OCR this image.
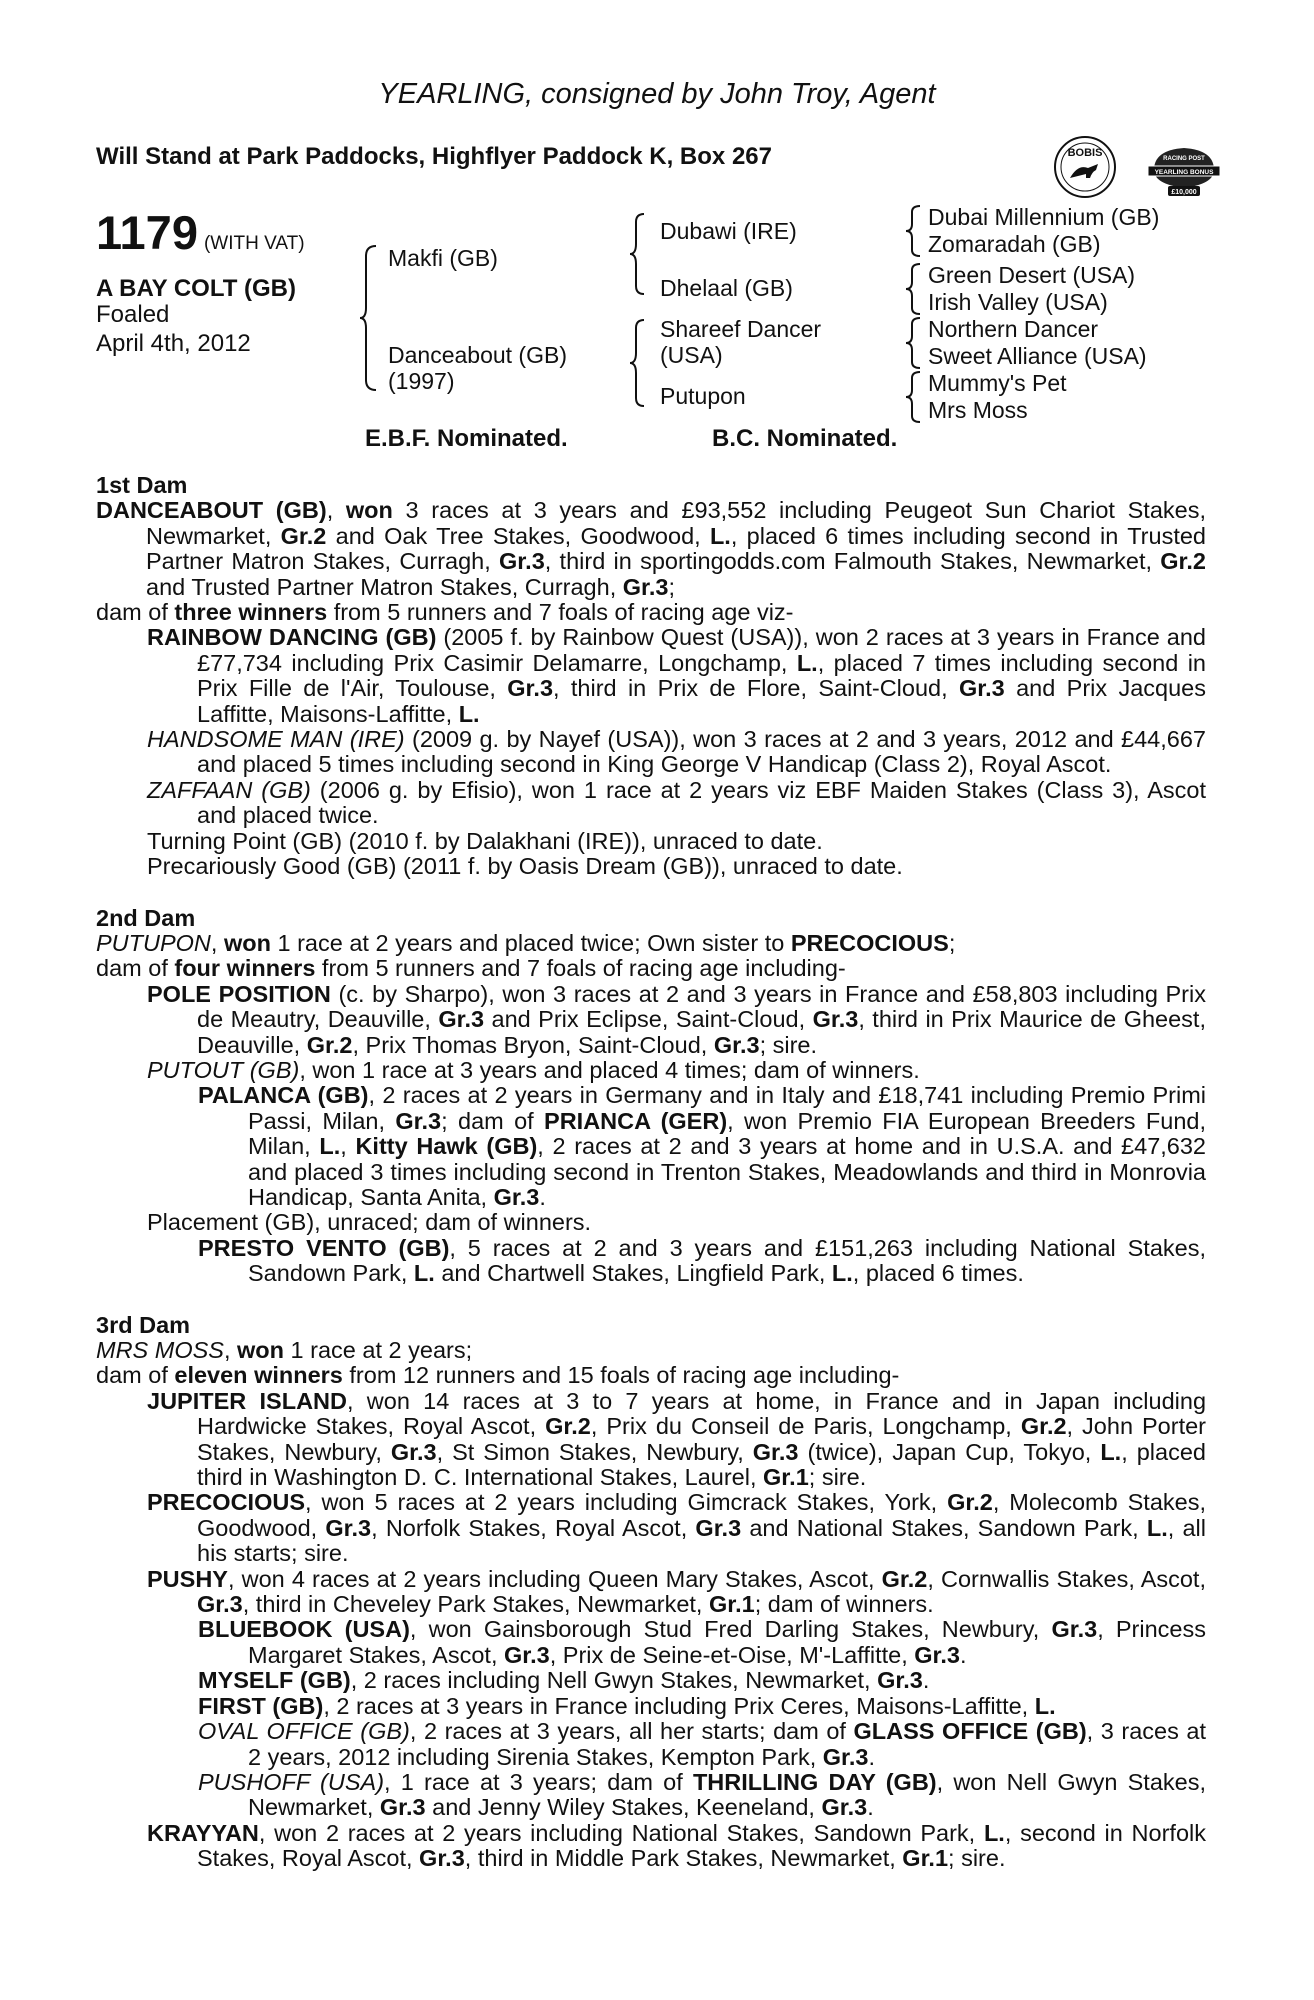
YEARLING, consigned by John Troy, Agent
Will Stand at Park Paddocks, Highflyer Paddock K, Box 267	BOBIS	RACING POST
YEARLING BONUS
£10,000
1179 (WITH VAT)
A BAY COLT (GB)
Foaled
April 4th, 2012
Makfi (GB)
Danceabout (GB)
(1997)
Dubawi (IRE)
Dhelaal (GB)
Shareef Dancer
(USA)
Putupon
Dubai Millennium (GB)
Zomaradah (GB)
Green Desert (USA)
Irish Valley (USA)
Northern Dancer
Sweet Alliance (USA)
Mummy's Pet
Mrs Moss
E.B.F. Nominated.	B.C. Nominated.

1st Dam

DANCEABOUT (GB), won 3 races at 3 years and £93,552 including Peugeot Sun Chariot Stakes, Newmarket, Gr.2 and Oak Tree Stakes, Goodwood, L., placed 6 times including second in Trusted Partner Matron Stakes, Curragh, Gr.3, third in sportingodds.com Falmouth Stakes, Newmarket, Gr.2 and Trusted Partner Matron Stakes, Curragh, Gr.3;

dam of three winners from 5 runners and 7 foals of racing age viz-

RAINBOW DANCING (GB) (2005 f. by Rainbow Quest (USA)), won 2 races at 3 years in France and £77,734 including Prix Casimir Delamarre, Longchamp, L., placed 7 times including second in Prix Fille de l'Air, Toulouse, Gr.3, third in Prix de Flore, Saint-Cloud, Gr.3 and Prix Jacques Laffitte, Maisons-Laffitte, L.

HANDSOME MAN (IRE) (2009 g. by Nayef (USA)), won 3 races at 2 and 3 years, 2012 and £44,667 and placed 5 times including second in King George V Handicap (Class 2), Royal Ascot.

ZAFFAAN (GB) (2006 g. by Efisio), won 1 race at 2 years viz EBF Maiden Stakes (Class 3), Ascot and placed twice.

Turning Point (GB) (2010 f. by Dalakhani (IRE)), unraced to date.

Precariously Good (GB) (2011 f. by Oasis Dream (GB)), unraced to date.

2nd Dam

PUTUPON, won 1 race at 2 years and placed twice; Own sister to PRECOCIOUS;

dam of four winners from 5 runners and 7 foals of racing age including-

POLE POSITION (c. by Sharpo), won 3 races at 2 and 3 years in France and £58,803 including Prix de Meautry, Deauville, Gr.3 and Prix Eclipse, Saint-Cloud, Gr.3, third in Prix Maurice de Gheest, Deauville, Gr.2, Prix Thomas Bryon, Saint-Cloud, Gr.3; sire.

PUTOUT (GB), won 1 race at 3 years and placed 4 times; dam of winners.

PALANCA (GB), 2 races at 2 years in Germany and in Italy and £18,741 including Premio Primi Passi, Milan, Gr.3; dam of PRIANCA (GER), won Premio FIA European Breeders Fund, Milan, L., Kitty Hawk (GB), 2 races at 2 and 3 years at home and in U.S.A. and £47,632 and placed 3 times including second in Trenton Stakes, Meadowlands and third in Monrovia Handicap, Santa Anita, Gr.3.

Placement (GB), unraced; dam of winners.

PRESTO VENTO (GB), 5 races at 2 and 3 years and £151,263 including National Stakes, Sandown Park, L. and Chartwell Stakes, Lingfield Park, L., placed 6 times.

3rd Dam

MRS MOSS, won 1 race at 2 years;

dam of eleven winners from 12 runners and 15 foals of racing age including-

JUPITER ISLAND, won 14 races at 3 to 7 years at home, in France and in Japan including Hardwicke Stakes, Royal Ascot, Gr.2, Prix du Conseil de Paris, Longchamp, Gr.2, John Porter Stakes, Newbury, Gr.3, St Simon Stakes, Newbury, Gr.3 (twice), Japan Cup, Tokyo, L., placed third in Washington D. C. International Stakes, Laurel, Gr.1; sire.

PRECOCIOUS, won 5 races at 2 years including Gimcrack Stakes, York, Gr.2, Molecomb Stakes, Goodwood, Gr.3, Norfolk Stakes, Royal Ascot, Gr.3 and National Stakes, Sandown Park, L., all his starts; sire.

PUSHY, won 4 races at 2 years including Queen Mary Stakes, Ascot, Gr.2, Cornwallis Stakes, Ascot, Gr.3, third in Cheveley Park Stakes, Newmarket, Gr.1; dam of winners.

BLUEBOOK (USA), won Gainsborough Stud Fred Darling Stakes, Newbury, Gr.3, Princess Margaret Stakes, Ascot, Gr.3, Prix de Seine-et-Oise, M'-Laffitte, Gr.3.

MYSELF (GB), 2 races including Nell Gwyn Stakes, Newmarket, Gr.3.

FIRST (GB), 2 races at 3 years in France including Prix Ceres, Maisons-Laffitte, L.

OVAL OFFICE (GB), 2 races at 3 years, all her starts; dam of GLASS OFFICE (GB), 3 races at 2 years, 2012 including Sirenia Stakes, Kempton Park, Gr.3.

PUSHOFF (USA), 1 race at 3 years; dam of THRILLING DAY (GB), won Nell Gwyn Stakes, Newmarket, Gr.3 and Jenny Wiley Stakes, Keeneland, Gr.3.

KRAYYAN, won 2 races at 2 years including National Stakes, Sandown Park, L., second in Norfolk Stakes, Royal Ascot, Gr.3, third in Middle Park Stakes, Newmarket, Gr.1; sire.
